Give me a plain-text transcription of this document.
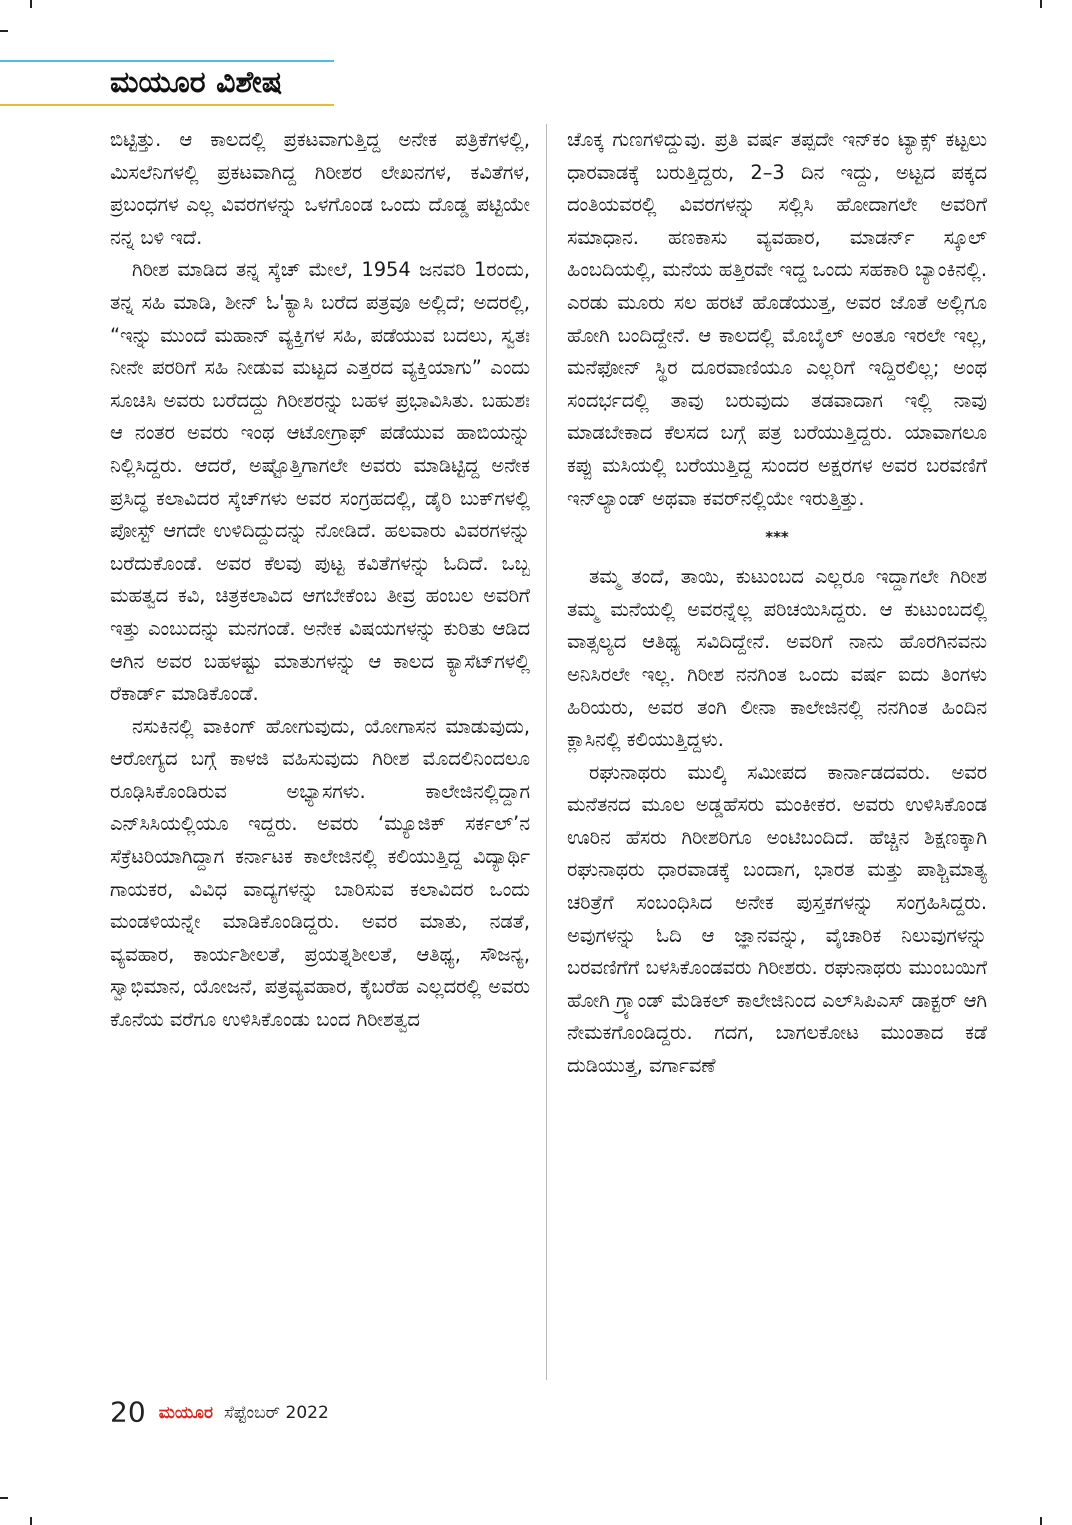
ಮಯೂರ ವಿಶೇಷ

ಬಿಟ್ಟಿತ್ತು. ಆ ಕಾಲದಲ್ಲಿ ಪ್ರಕಟವಾಗುತ್ತಿದ್ದ ಅನೇಕ ಪತ್ರಿಕೆಗಳಲ್ಲಿ, ಮಿಸಲೆನಿಗಳಲ್ಲಿ ಪ್ರಕಟವಾಗಿದ್ದ ಗಿರೀಶರ ಲೇಖನಗಳ, ಕವಿತೆಗಳ, ಪ್ರಬಂಧಗಳ ಎಲ್ಲ ವಿವರಗಳನ್ನು ಒಳಗೊಂಡ ಒಂದು ದೊಡ್ಡ ಪಟ್ಟಿಯೇ ನನ್ನ ಬಳಿ ಇದೆ.

ಗಿರೀಶ ಮಾಡಿದ ತನ್ನ ಸ್ಕೆಚ್ ಮೇಲೆ, 1954 ಜನವರಿ 1ರಂದು, ತನ್ನ ಸಹಿ ಮಾಡಿ, ಶೀನ್ ಓ'ಕ್ಯಾಸಿ ಬರೆದ ಪತ್ರವೂ ಅಲ್ಲಿದೆ; ಅದರಲ್ಲಿ, “ಇನ್ನು ಮುಂದೆ ಮಹಾನ್ ವ್ಯಕ್ತಿಗಳ ಸಹಿ, ಪಡೆಯುವ ಬದಲು, ಸ್ವತಃ ನೀನೇ ಪರರಿಗೆ ಸಹಿ ನೀಡುವ ಮಟ್ಟದ ಎತ್ತರದ ವ್ಯಕ್ತಿಯಾಗು” ಎಂದು ಸೂಚಿಸಿ ಅವರು ಬರೆದದ್ದು ಗಿರೀಶರನ್ನು ಬಹಳ ಪ್ರಭಾವಿಸಿತು. ಬಹುಶಃ ಆ ನಂತರ ಅವರು ಇಂಥ ಆಟೋಗ್ರಾಫ್ ಪಡೆಯುವ ಹಾಬಿಯನ್ನು ನಿಲ್ಲಿಸಿದ್ದರು. ಆದರೆ, ಅಷ್ಟೊತ್ತಿಗಾಗಲೇ ಅವರು ಮಾಡಿಟ್ಟಿದ್ದ ಅನೇಕ ಪ್ರಸಿದ್ಧ ಕಲಾವಿದರ ಸ್ಕೆಚ್‌ಗಳು ಅವರ ಸಂಗ್ರಹದಲ್ಲಿ, ಡೈರಿ ಬುಕ್‌ಗಳಲ್ಲಿ ಪೋಸ್ಟ್ ಆಗದೇ ಉಳಿದಿದ್ದುದನ್ನು ನೋಡಿದೆ. ಹಲವಾರು ವಿವರಗಳನ್ನು ಬರೆದುಕೊಂಡೆ. ಅವರ ಕೆಲವು ಪುಟ್ಟ ಕವಿತೆಗಳನ್ನು ಓದಿದೆ. ಒಬ್ಬ ಮಹತ್ವದ ಕವಿ, ಚಿತ್ರಕಲಾವಿದ ಆಗಬೇಕೆಂಬ ತೀವ್ರ ಹಂಬಲ ಅವರಿಗೆ ಇತ್ತು ಎಂಬುದನ್ನು ಮನಗಂಡೆ. ಅನೇಕ ವಿಷಯಗಳನ್ನು ಕುರಿತು ಆಡಿದ ಆಗಿನ ಅವರ ಬಹಳಷ್ಟು ಮಾತುಗಳನ್ನು ಆ ಕಾಲದ ಕ್ಯಾಸೆಟ್‌ಗಳಲ್ಲಿ ರೆಕಾರ್ಡ್ ಮಾಡಿಕೊಂಡೆ.

ನಸುಕಿನಲ್ಲಿ ವಾಕಿಂಗ್ ಹೋಗುವುದು, ಯೋಗಾಸನ ಮಾಡುವುದು, ಆರೋಗ್ಯದ ಬಗ್ಗೆ ಕಾಳಜಿ ವಹಿಸುವುದು ಗಿರೀಶ ಮೊದಲಿನಿಂದಲೂ ರೂಢಿಸಿಕೊಂಡಿರುವ ಅಭ್ಯಾಸಗಳು. ಕಾಲೇಜಿನಲ್ಲಿದ್ದಾಗ ಎನ್‌ಸಿಸಿಯಲ್ಲಿಯೂ ಇದ್ದರು. ಅವರು ‘ಮ್ಯೂಜಿಕ್ ಸರ್ಕಲ್’ನ ಸೆಕ್ರೆಟರಿಯಾಗಿದ್ದಾಗ ಕರ್ನಾಟಕ ಕಾಲೇಜಿನಲ್ಲಿ ಕಲಿಯುತ್ತಿದ್ದ ವಿದ್ಯಾರ್ಥಿ ಗಾಯಕರ, ವಿವಿಧ ವಾದ್ಯಗಳನ್ನು ಬಾರಿಸುವ ಕಲಾವಿದರ ಒಂದು ಮಂಡಳಿಯನ್ನೇ ಮಾಡಿಕೊಂಡಿದ್ದರು. ಅವರ ಮಾತು, ನಡತೆ, ವ್ಯವಹಾರ, ಕಾರ್ಯಶೀಲತೆ, ಪ್ರಯತ್ನಶೀಲತೆ, ಆತಿಥ್ಯ, ಸೌಜನ್ಯ, ಸ್ವಾಭಿಮಾನ, ಯೋಜನೆ, ಪತ್ರವ್ಯವಹಾರ, ಕೈಬರೆಹ ಎಲ್ಲದರಲ್ಲಿ ಅವರು ಕೊನೆಯ ವರೆಗೂ ಉಳಿಸಿಕೊಂಡು ಬಂದ ಗಿರೀಶತ್ವದ

ಚೊಕ್ಕ ಗುಣಗಳಿದ್ದುವು. ಪ್ರತಿ ವರ್ಷ ತಪ್ಪದೇ ಇನ್‌ಕಂ ಟ್ಯಾಕ್ಸ್ ಕಟ್ಟಲು ಧಾರವಾಡಕ್ಕೆ ಬರುತ್ತಿದ್ದರು, 2–3 ದಿನ ಇದ್ದು, ಅಟ್ಟದ ಪಕ್ಕದ ದಂತಿಯವರಲ್ಲಿ ವಿವರಗಳನ್ನು ಸಲ್ಲಿಸಿ ಹೋದಾಗಲೇ ಅವರಿಗೆ ಸಮಾಧಾನ. ಹಣಕಾಸು ವ್ಯವಹಾರ, ಮಾಡರ್ನ್ ಸ್ಕೂಲ್ ಹಿಂಬದಿಯಲ್ಲಿ, ಮನೆಯ ಹತ್ತಿರವೇ ಇದ್ದ ಒಂದು ಸಹಕಾರಿ ಬ್ಯಾಂಕಿನಲ್ಲಿ. ಎರಡು ಮೂರು ಸಲ ಹರಟೆ ಹೊಡೆಯುತ್ತ, ಅವರ ಜೊತೆ ಅಲ್ಲಿಗೂ ಹೋಗಿ ಬಂದಿದ್ದೇನೆ. ಆ ಕಾಲದಲ್ಲಿ ಮೊಬೈಲ್ ಅಂತೂ ಇರಲೇ ಇಲ್ಲ, ಮನೆಫೋನ್ ಸ್ಥಿರ ದೂರವಾಣಿಯೂ ಎಲ್ಲರಿಗೆ ಇದ್ದಿರಲಿಲ್ಲ; ಅಂಥ ಸಂದರ್ಭದಲ್ಲಿ ತಾವು ಬರುವುದು ತಡವಾದಾಗ ಇಲ್ಲಿ ನಾವು ಮಾಡಬೇಕಾದ ಕೆಲಸದ ಬಗ್ಗೆ ಪತ್ರ ಬರೆಯುತ್ತಿದ್ದರು. ಯಾವಾಗಲೂ ಕಪ್ಪು ಮಸಿಯಲ್ಲಿ ಬರೆಯುತ್ತಿದ್ದ ಸುಂದರ ಅಕ್ಷರಗಳ ಅವರ ಬರವಣಿಗೆ ಇನ್‌ಲ್ಯಾಂಡ್ ಅಥವಾ ಕವರ್‌ನಲ್ಲಿಯೇ ಇರುತ್ತಿತ್ತು.

***

ತಮ್ಮ ತಂದೆ, ತಾಯಿ, ಕುಟುಂಬದ ಎಲ್ಲರೂ ಇದ್ದಾಗಲೇ ಗಿರೀಶ ತಮ್ಮ ಮನೆಯಲ್ಲಿ ಅವರನ್ನೆಲ್ಲ ಪರಿಚಯಿಸಿದ್ದರು. ಆ ಕುಟುಂಬದಲ್ಲಿ ವಾತ್ಸಲ್ಯದ ಆತಿಥ್ಯ ಸವಿದಿದ್ದೇನೆ. ಅವರಿಗೆ ನಾನು ಹೊರಗಿನವನು ಅನಿಸಿರಲೇ ಇಲ್ಲ. ಗಿರೀಶ ನನಗಿಂತ ಒಂದು ವರ್ಷ ಐದು ತಿಂಗಳು ಹಿರಿಯರು, ಅವರ ತಂಗಿ ಲೀನಾ ಕಾಲೇಜಿನಲ್ಲಿ ನನಗಿಂತ ಹಿಂದಿನ ಕ್ಲಾಸಿನಲ್ಲಿ ಕಲಿಯುತ್ತಿದ್ದಳು.

ರಘುನಾಥರು ಮುಲ್ಕಿ ಸಮೀಪದ ಕಾರ್ನಾಡದವರು. ಅವರ ಮನೆತನದ ಮೂಲ ಅಡ್ಡಹೆಸರು ಮಂಕೀಕರ. ಅವರು ಉಳಿಸಿಕೊಂಡ ಊರಿನ ಹೆಸರು ಗಿರೀಶರಿಗೂ ಅಂಟಿಬಂದಿದೆ. ಹೆಚ್ಚಿನ ಶಿಕ್ಷಣಕ್ಕಾಗಿ ರಘುನಾಥರು ಧಾರವಾಡಕ್ಕೆ ಬಂದಾಗ, ಭಾರತ ಮತ್ತು ಪಾಶ್ಚಿಮಾತ್ಯ ಚರಿತ್ರೆಗೆ ಸಂಬಂಧಿಸಿದ ಅನೇಕ ಪುಸ್ತಕಗಳನ್ನು ಸಂಗ್ರಹಿಸಿದ್ದರು. ಅವುಗಳನ್ನು ಓದಿ ಆ ಜ್ಞಾನವನ್ನು, ವೈಚಾರಿಕ ನಿಲುವುಗಳನ್ನು ಬರವಣಿಗೆಗೆ ಬಳಸಿಕೊಂಡವರು ಗಿರೀಶರು. ರಘುನಾಥರು ಮುಂಬಯಿಗೆ ಹೋಗಿ ಗ್ರ್ಯಾಂಡ್ ಮೆಡಿಕಲ್ ಕಾಲೇಜಿನಿಂದ ಎಲ್‌ಸಿಪಿಎಸ್ ಡಾಕ್ಟರ್ ಆಗಿ ನೇಮಕಗೊಂಡಿದ್ದರು. ಗದಗ, ಬಾಗಲಕೋಟ ಮುಂತಾದ ಕಡೆ ದುಡಿಯುತ್ತ, ವರ್ಗಾವಣೆ

20 ಮಯೂರ ಸೆಪ್ಟೆಂಬರ್ 2022
